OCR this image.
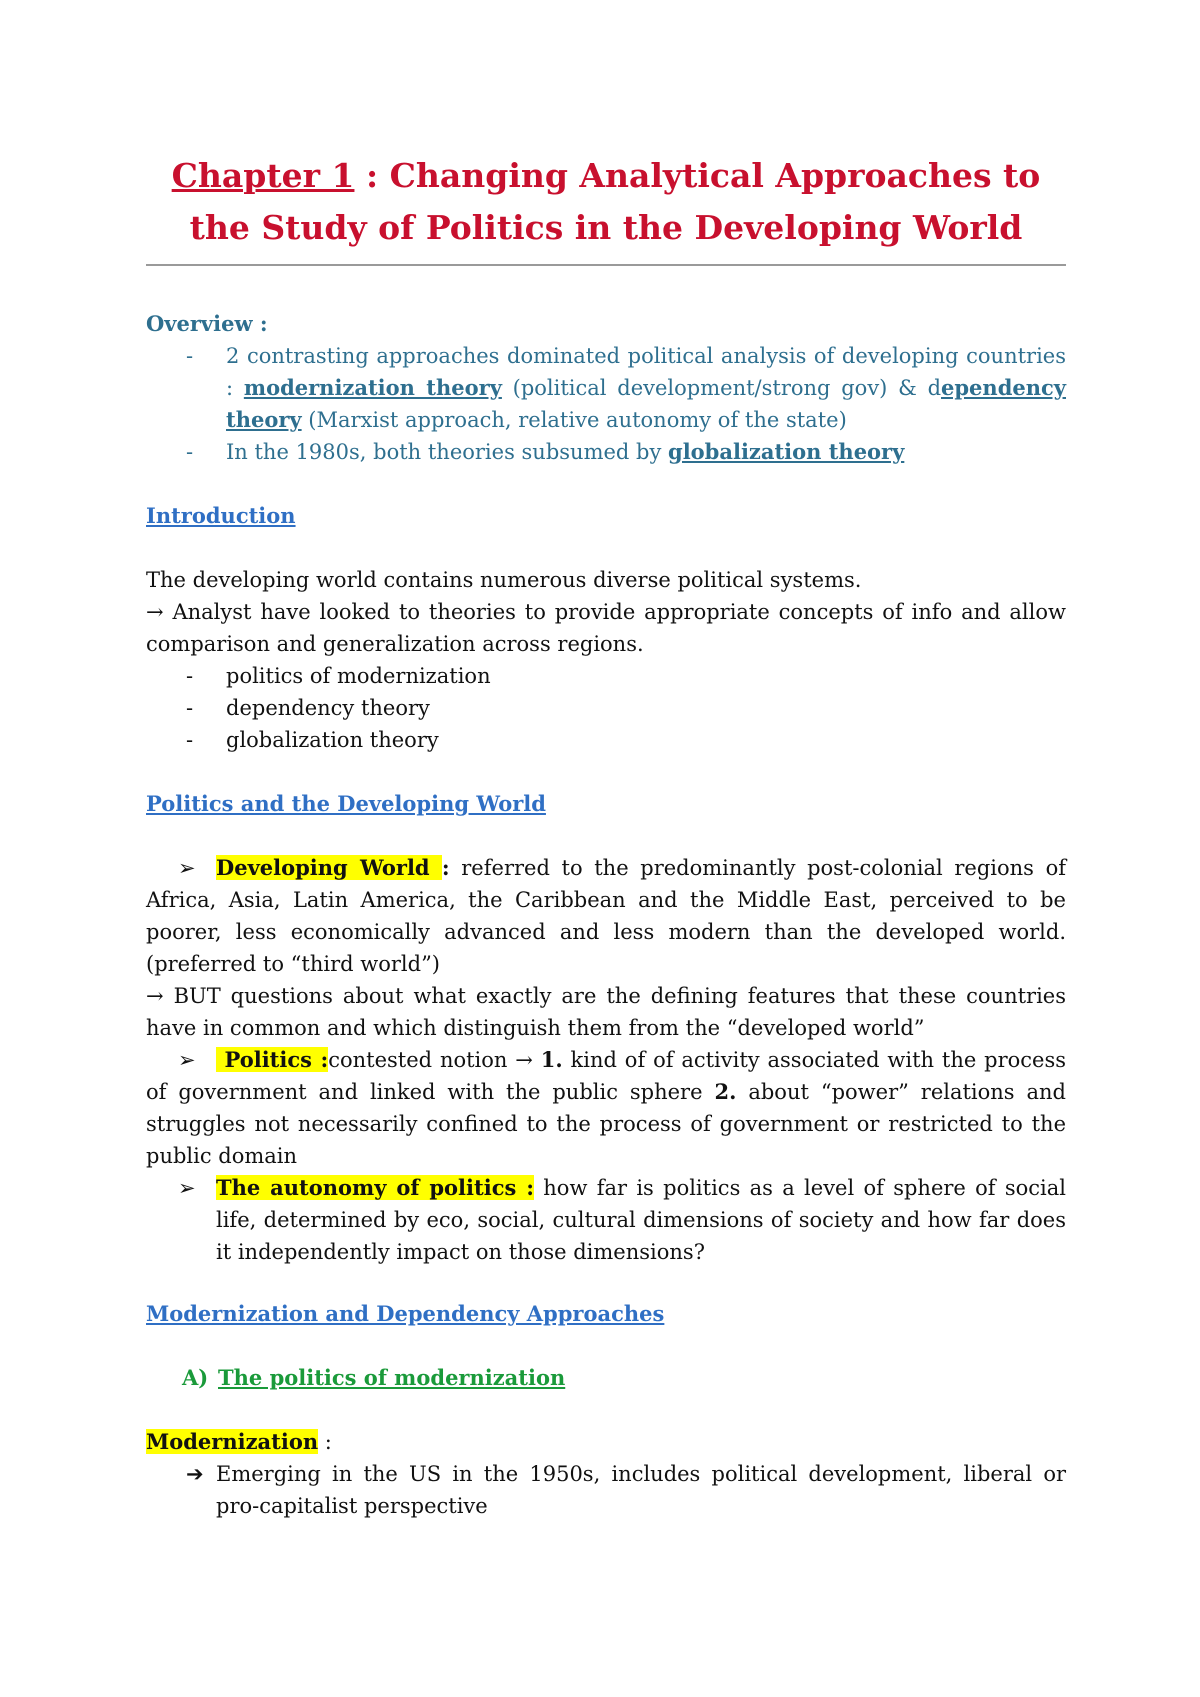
Chapter 1 : Changing Analytical Approaches to
the Study of Politics in the Developing World
Overview :
-	2 contrasting approaches dominated political analysis of developing countries : modernization theory (political development/strong gov) & dependency theory (Marxist approach, relative autonomy of the state)
-	In the 1980s, both theories subsumed by globalization theory
Introduction
The developing world contains numerous diverse political systems.
→ Analyst have looked to theories to provide appropriate concepts of info and allow comparison and generalization across regions.
-	politics of modernization
-	dependency theory
-	globalization theory
Politics and the Developing World
➢ Developing World : referred to the predominantly post-colonial regions of Africa, Asia, Latin America, the Caribbean and the Middle East, perceived to be poorer, less economically advanced and less modern than the developed world. (preferred to “third world”)
→ BUT questions about what exactly are the defining features that these countries have in common and which distinguish them from the “developed world”
➢ Politics :contested notion → 1. kind of of activity associated with the process of government and linked with the public sphere 2. about “power” relations and struggles not necessarily confined to the process of government or restricted to the public domain
➢ The autonomy of politics : how far is politics as a level of sphere of social life, determined by eco, social, cultural dimensions of society and how far does it independently impact on those dimensions?
Modernization and Dependency Approaches
A) The politics of modernization
Modernization :
➔ Emerging in the US in the 1950s, includes political development, liberal or pro-capitalist perspective
